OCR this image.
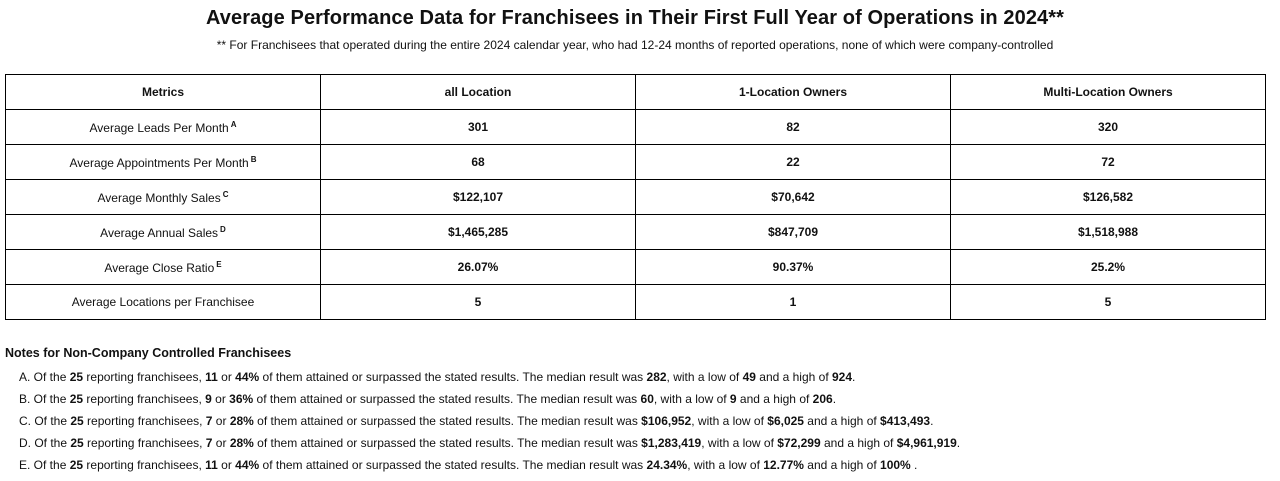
Average Performance Data for Franchisees in Their First Full Year of Operations in 2024**
** For Franchisees that operated during the entire 2024 calendar year, who had 12-24 months of reported operations, none of which were company-controlled
Metrics	all Location	1-Location Owners	Multi-Location Owners
Average Leads Per Month $^A$	301	82	320
Average Appointments Per Month $^B$	68	22	72
Average Monthly Sales $^C$	$122,107	$70,642	$126,582
Average Annual Sales $^D$	$1,465,285	$847,709	$1,518,988
Average Close Ratio $^E$	26.07%	90.37%	25.2%
Average Locations per Franchisee	5	1	5
Notes for Non-Company Controlled Franchisees
A. Of the 25 reporting franchisees, 11 or 44% of them attained or surpassed the stated results. The median result was 282, with a low of 49 and a high of 924.
B. Of the 25 reporting franchisees, 9 or 36% of them attained or surpassed the stated results. The median result was 60, with a low of 9 and a high of 206.
C. Of the 25 reporting franchisees, 7 or 28% of them attained or surpassed the stated results. The median result was $106,952, with a low of $6,025 and a high of $413,493.
D. Of the 25 reporting franchisees, 7 or 28% of them attained or surpassed the stated results. The median result was $1,283,419, with a low of $72,299 and a high of $4,961,919.
E. Of the 25 reporting franchisees, 11 or 44% of them attained or surpassed the stated results. The median result was 24.34%, with a low of 12.77% and a high of 100% .
